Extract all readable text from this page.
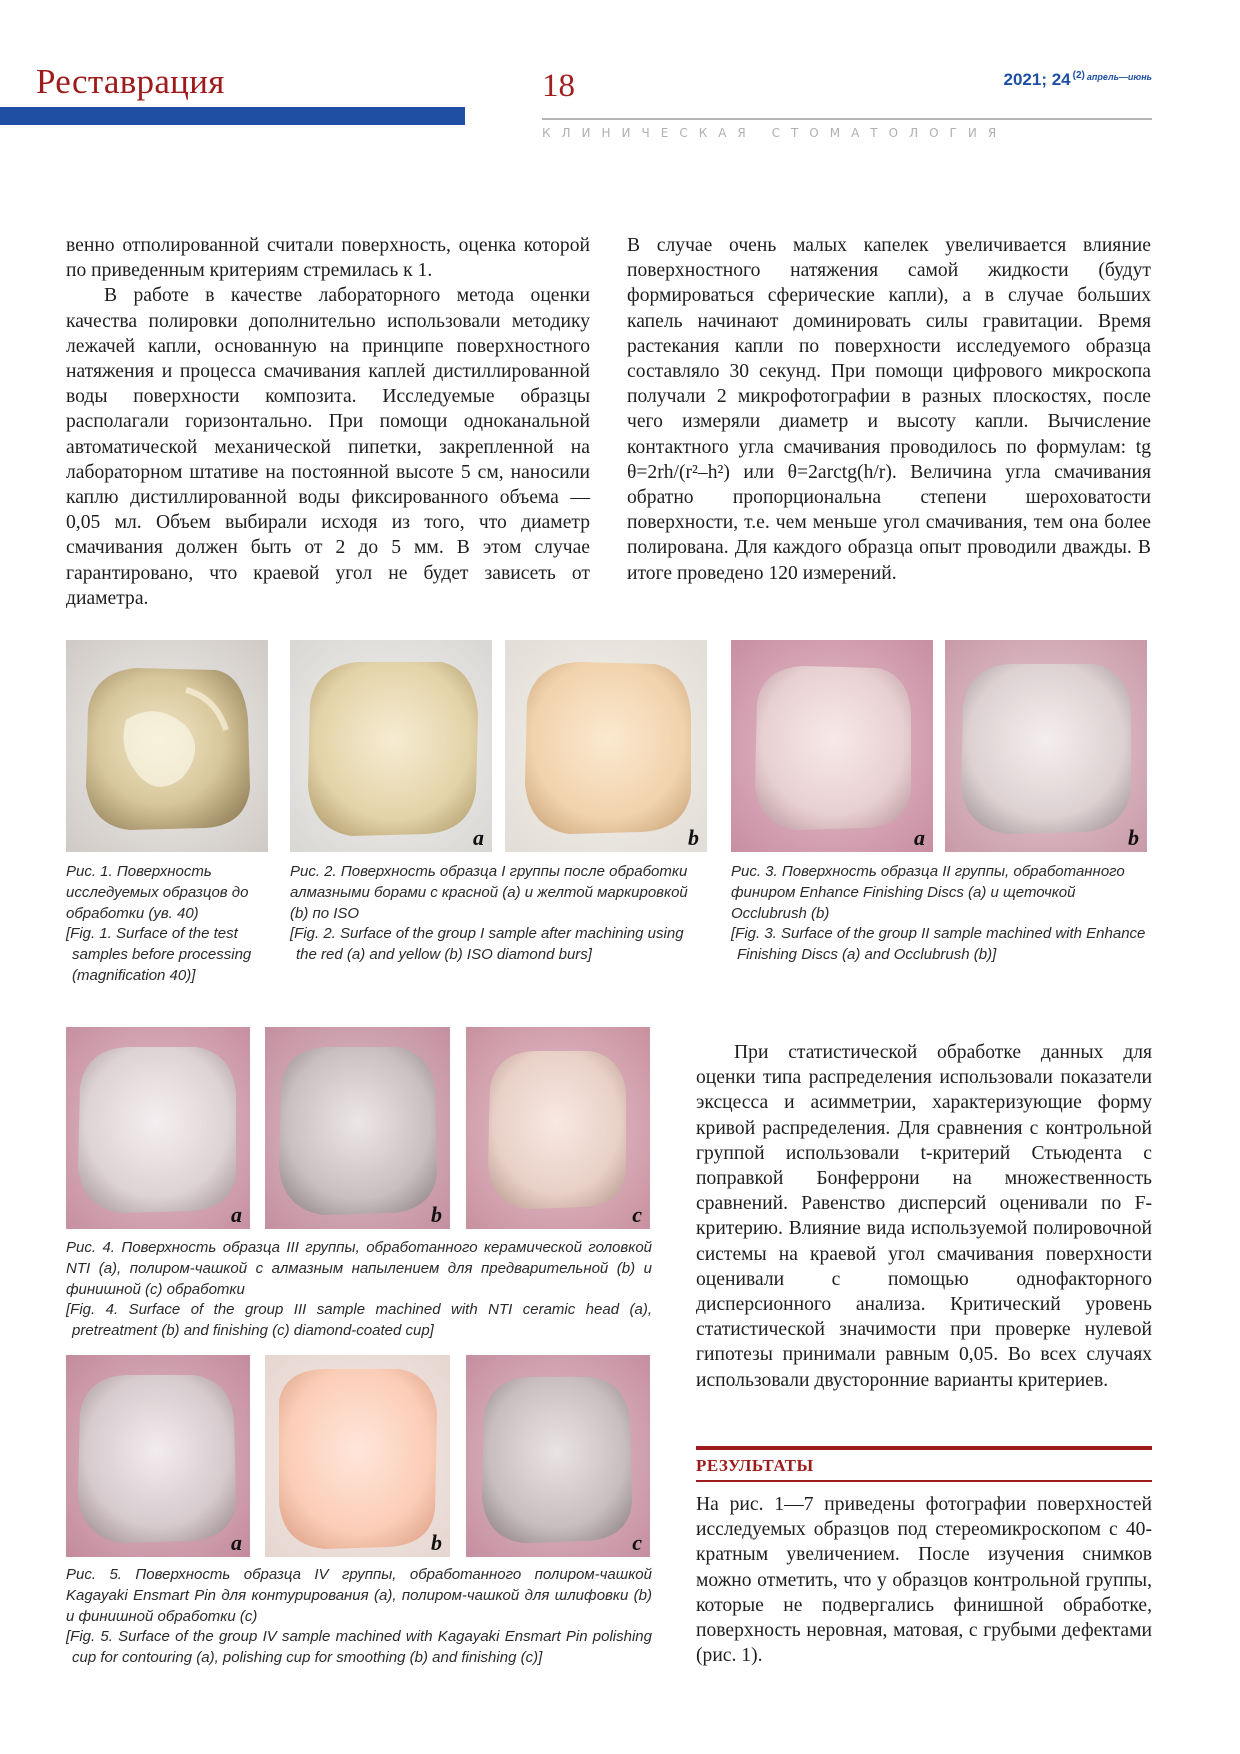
Реставрация	18	2021; 24 $^{(2)}$ $^{апрель—июнь}$
КЛИНИЧЕСКАЯ СТОМАТОЛОГИЯ

венно отполированной считали поверхность, оценка которой по приведенным критериям стремилась к 1.

В работе в качестве лабораторного метода оценки качества полировки дополнительно использовали методику лежачей капли, основанную на принципе поверхностного натяжения и процесса смачивания каплей дистиллированной воды поверхности композита. Исследуемые образцы располагали горизонтально. При помощи одноканальной автоматической механической пипетки, закрепленной на лабораторном штативе на постоянной высоте 5 см, наносили каплю дистиллированной воды фиксированного объема — 0,05 мл. Объем выбирали исходя из того, что диаметр смачивания должен быть от 2 до 5 мм. В этом случае гарантировано, что краевой угол не будет зависеть от диаметра.

В случае очень малых капелек увеличивается влияние поверхностного натяжения самой жидкости (будут формироваться сферические капли), а в случае больших капель начинают доминировать силы гравитации. Время растекания капли по поверхности исследуемого образца составляло 30 секунд. При помощи цифрового микроскопа получали 2 микрофотографии в разных плоскостях, после чего измеряли диаметр и высоту капли. Вычисление контактного угла смачивания проводилось по формулам: tg θ=2rh/(r²–h²) или θ=2arctg(h/r). Величина угла смачивания обратно пропорциональна степени шероховатости поверхности, т.е. чем меньше угол смачивания, тем она более полирована. Для каждого образца опыт проводили дважды. В итоге проведено 120 измерений.

a	b	a	b

Рис. 1. Поверхность исследуемых образцов до обработки (ув. 40)

[Fig. 1. Surface of the test samples before processing (magnification 40)]

Рис. 2. Поверхность образца I группы после обработки алмазными борами с красной (а) и желтой маркировкой (b) по ISO

[Fig. 2. Surface of the group I sample after machining using the red (a) and yellow (b) ISO diamond burs]

Рис. 3. Поверхность образца II группы, обработанного финиром Enhance Finishing Discs (a) и щеточкой Occlubrush (b)

[Fig. 3. Surface of the group II sample machined with Enhance Finishing Discs (a) and Occlubrush (b)]

a	b	c

Рис. 4. Поверхность образца III группы, обработанного керамической головкой NTI (a), полиром-чашкой с алмазным напылением для предварительной (b) и финишной (c) обработки

[Fig. 4. Surface of the group III sample machined with NTI ceramic head (a), pretreatment (b) and finishing (c) diamond-coated cup]

a	b	c

Рис. 5. Поверхность образца IV группы, обработанного полиром-чашкой Kagayaki Ensmart Pin для контурирования (a), полиром-чашкой для шлифовки (b) и финишной обработки (c)

[Fig. 5. Surface of the group IV sample machined with Kagayaki Ensmart Pin polishing cup for contouring (a), polishing cup for smoothing (b) and finishing (c)]

При статистической обработке данных для оценки типа распределения использовали показатели эксцесса и асимметрии, характеризующие форму кривой распределения. Для сравнения с контрольной группой использовали t-критерий Стьюдента с поправкой Бонферрони на множественность сравнений. Равенство дисперсий оценивали по F-критерию. Влияние вида используемой полировочной системы на краевой угол смачивания поверхности оценивали с помощью однофакторного дисперсионного анализа. Критический уровень статистической значимости при проверке нулевой гипотезы принимали равным 0,05. Во всех случаях использовали двусторонние варианты критериев.

РЕЗУЛЬТАТЫ

На рис. 1—7 приведены фотографии поверхностей исследуемых образцов под стереомикроскопом с 40-кратным увеличением. После изучения снимков можно отметить, что у образцов контрольной группы, которые не подвергались финишной обработке, поверхность неровная, матовая, с грубыми дефектами (рис. 1).
